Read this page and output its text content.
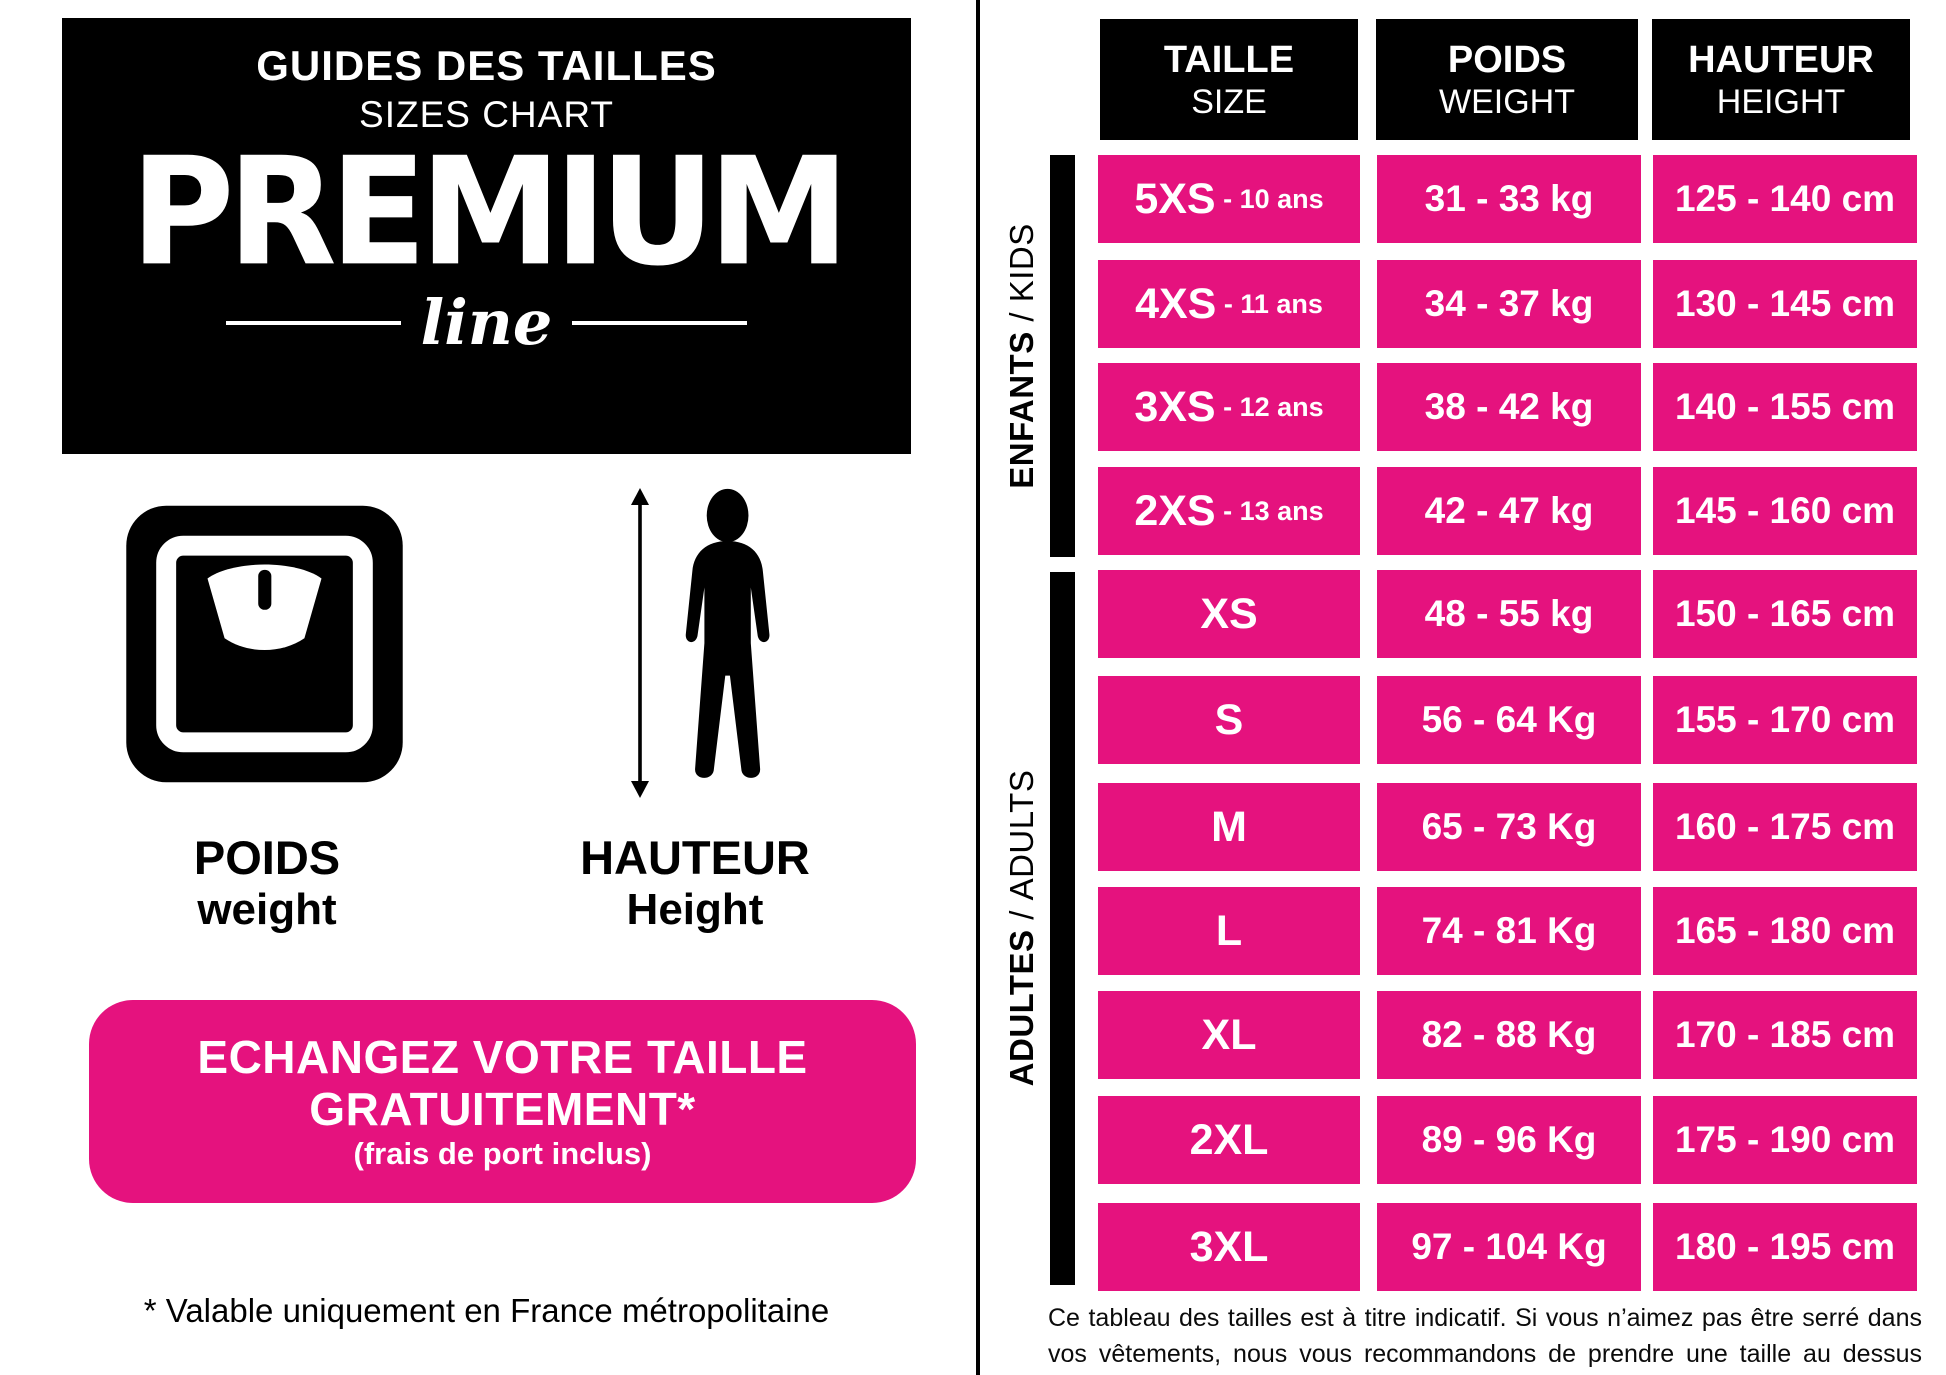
GUIDES DES TAILLES
SIZES CHART
PREMIUM
line
POIDS
weight
HAUTEUR
Height
ECHANGEZ VOTRE TAILLE
GRATUITEMENT*
(frais de port inclus)
* Valable uniquement en France métropolitaine
TAILLE
SIZE
POIDS
WEIGHT
HAUTEUR
HEIGHT
ENFANTS
/
KIDS
ADULTES
/
ADULTS
5XS - 10 ans	31 - 33 kg	125 - 140 cm
4XS - 11 ans	34 - 37 kg	130 - 145 cm
3XS - 12 ans	38 - 42 kg	140 - 155 cm
2XS - 13 ans	42 - 47 kg	145 - 160 cm
XS	48 - 55 kg	150 - 165 cm
S	56 - 64 Kg	155 - 170 cm
M	65 - 73 Kg	160 - 175 cm
L	74 - 81 Kg	165 - 180 cm
XL	82 - 88 Kg	170 - 185 cm
2XL	89 - 96 Kg	175 - 190 cm
3XL	97 - 104 Kg	180 - 195 cm
Ce tableau des tailles est à titre indicatif. Si vous n’aimez pas être serré dans vos vêtements, nous vous recommandons de prendre une taille au dessus
